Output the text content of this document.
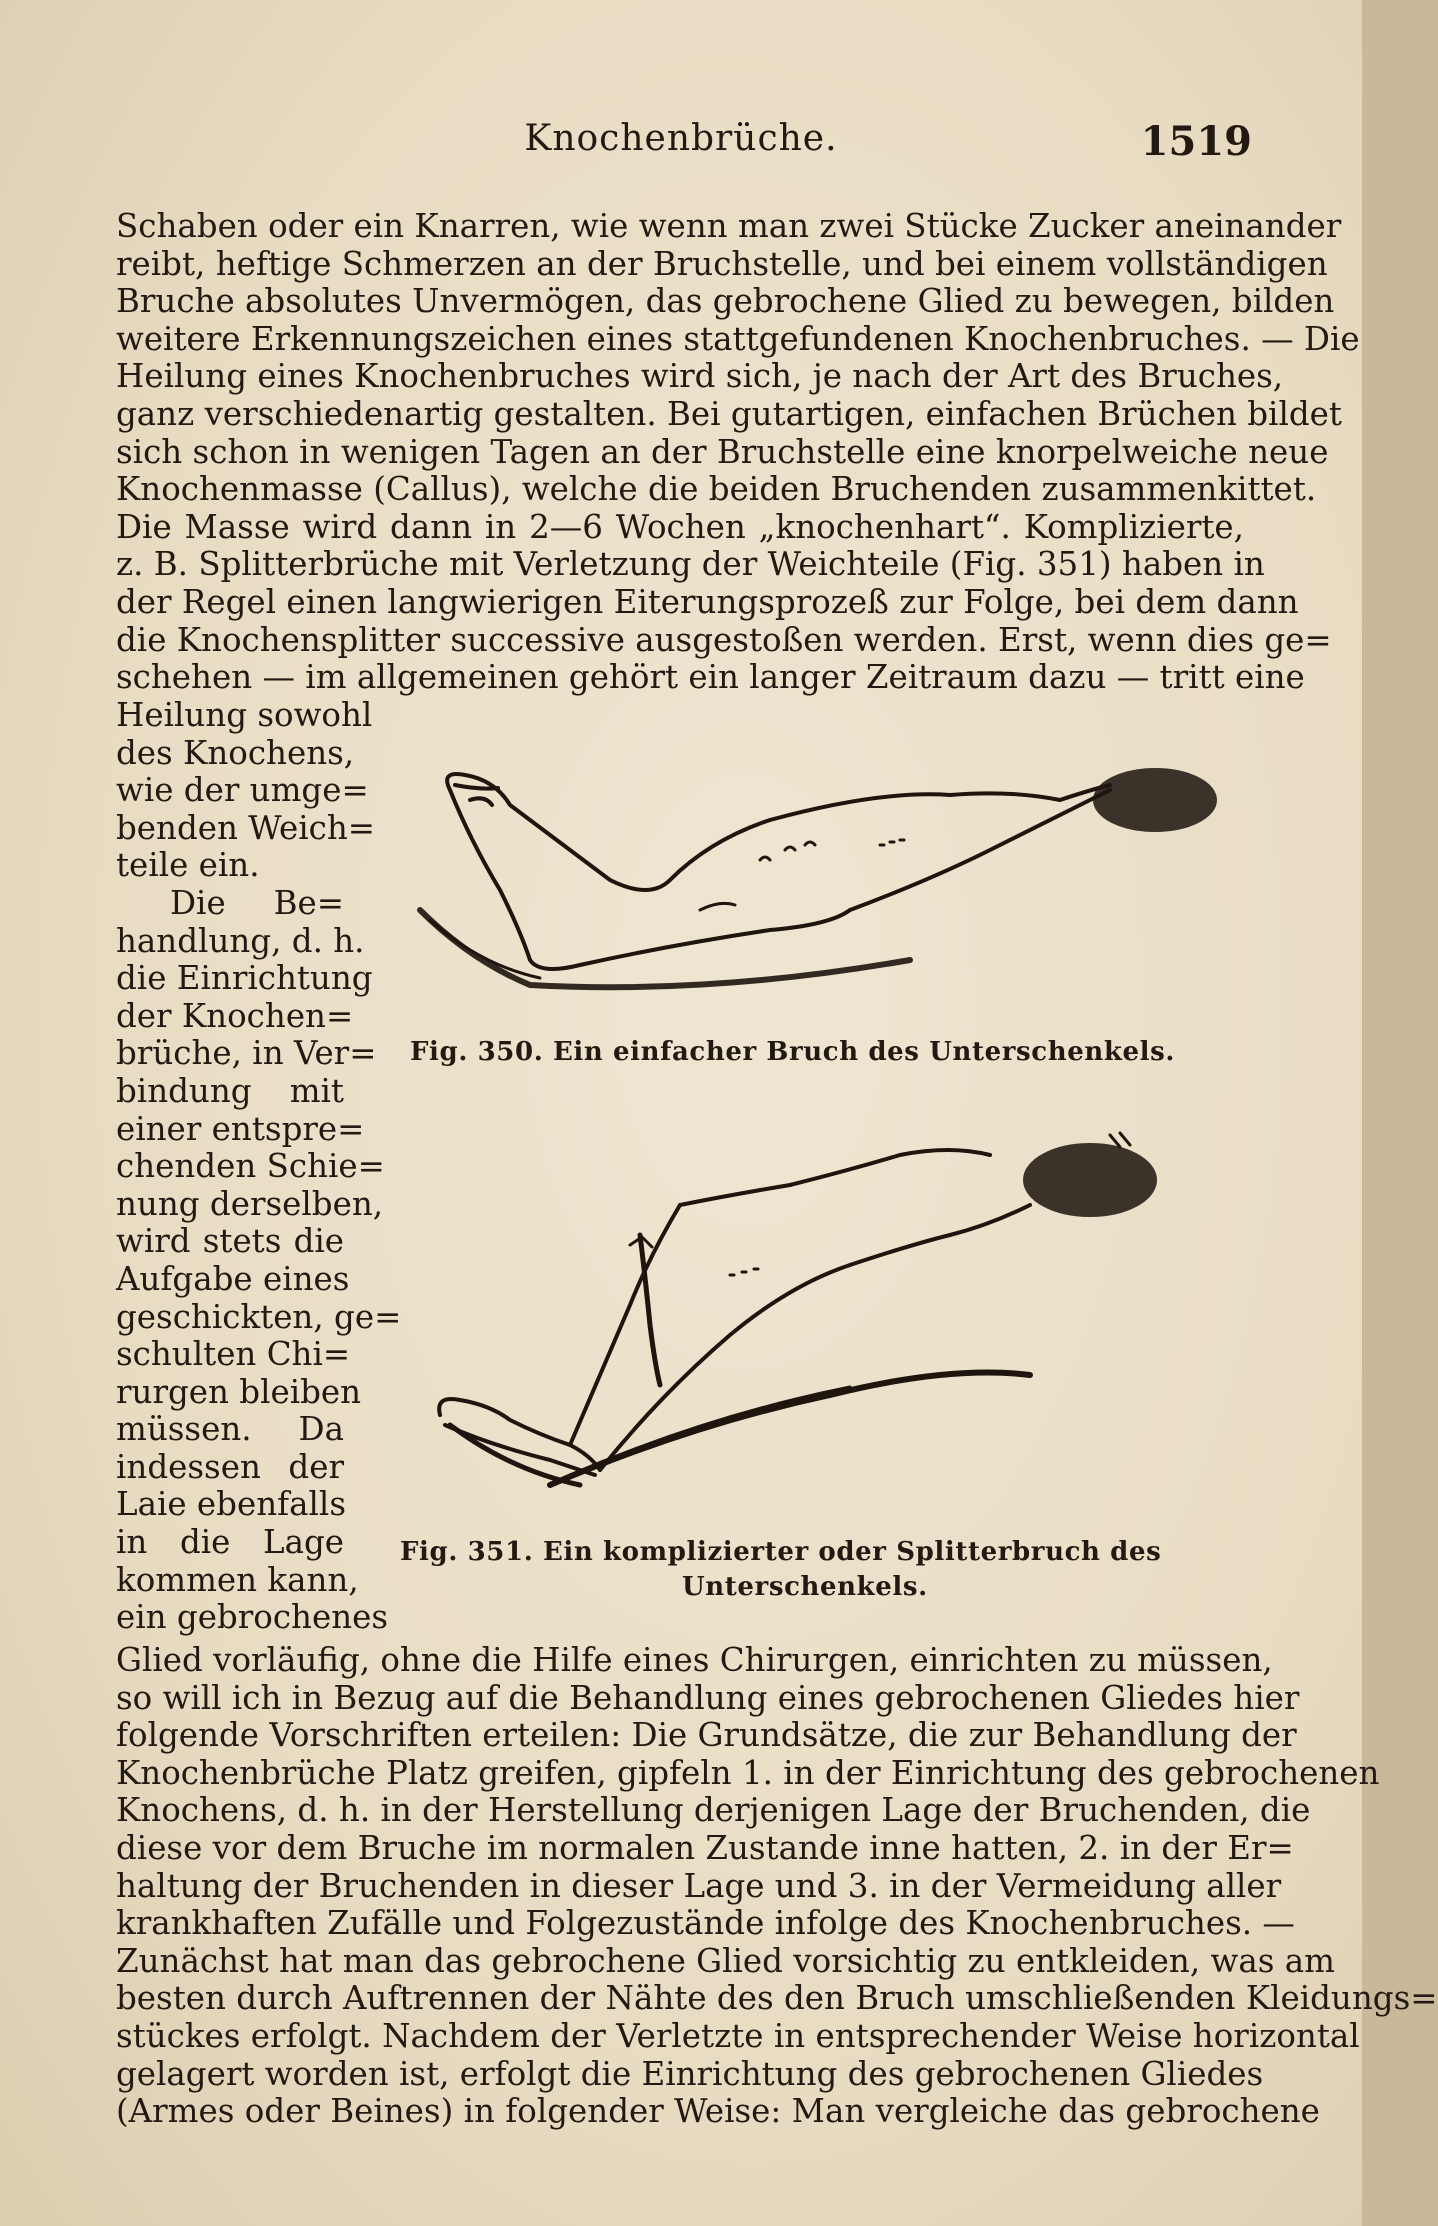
Knochenbrüche.	1519
Schaben oder ein Knarren, wie wenn man zwei Stücke Zucker aneinander
reibt, heftige Schmerzen an der Bruchstelle, und bei einem vollständigen
Bruche absolutes Unvermögen, das gebrochene Glied zu bewegen, bilden
weitere Erkennungszeichen eines stattgefundenen Knochenbruches. — Die
Heilung eines Knochenbruches wird sich, je nach der Art des Bruches,
ganz verschiedenartig gestalten. Bei gutartigen, einfachen Brüchen bildet
sich schon in wenigen Tagen an der Bruchstelle eine knorpelweiche neue
Knochenmasse (Callus), welche die beiden Bruchenden zusammenkittet.
Die Masse wird dann in 2—6 Wochen „knochenhart“. Komplizierte,
z. B. Splitterbrüche mit Verletzung der Weichteile (Fig. 351) haben in
der Regel einen langwierigen Eiterungsprozeß zur Folge, bei dem dann
die Knochensplitter successive ausgestoßen werden. Erst, wenn dies ge=
schehen — im allgemeinen gehört ein langer Zeitraum dazu — tritt eine
Heilung sowohl
des Knochens,
wie der umge=
benden Weich=
teile ein.
Die Be=
handlung, d. h.
die Einrichtung
der Knochen=
brüche, in Ver=
bindung mit
einer entspre=
chenden Schie=
nung derselben,
wird stets die
Aufgabe eines
geschickten, ge=
schulten Chi=
rurgen bleiben
müssen. Da
indessen der
Laie ebenfalls
in die Lage
kommen kann,
ein gebrochenes
Fig. 350. Ein einfacher Bruch des Unterschenkels.
Fig. 351. Ein komplizierter oder Splitterbruch des
Unterschenkels.
Glied vorläufig, ohne die Hilfe eines Chirurgen, einrichten zu müssen,
so will ich in Bezug auf die Behandlung eines gebrochenen Gliedes hier
folgende Vorschriften erteilen: Die Grundsätze, die zur Behandlung der
Knochenbrüche Platz greifen, gipfeln 1. in der Einrichtung des gebrochenen
Knochens, d. h. in der Herstellung derjenigen Lage der Bruchenden, die
diese vor dem Bruche im normalen Zustande inne hatten, 2. in der Er=
haltung der Bruchenden in dieser Lage und 3. in der Vermeidung aller
krankhaften Zufälle und Folgezustände infolge des Knochenbruches. —
Zunächst hat man das gebrochene Glied vorsichtig zu entkleiden, was am
besten durch Auftrennen der Nähte des den Bruch umschließenden Kleidungs=
stückes erfolgt. Nachdem der Verletzte in entsprechender Weise horizontal
gelagert worden ist, erfolgt die Einrichtung des gebrochenen Gliedes
(Armes oder Beines) in folgender Weise: Man vergleiche das gebrochene
